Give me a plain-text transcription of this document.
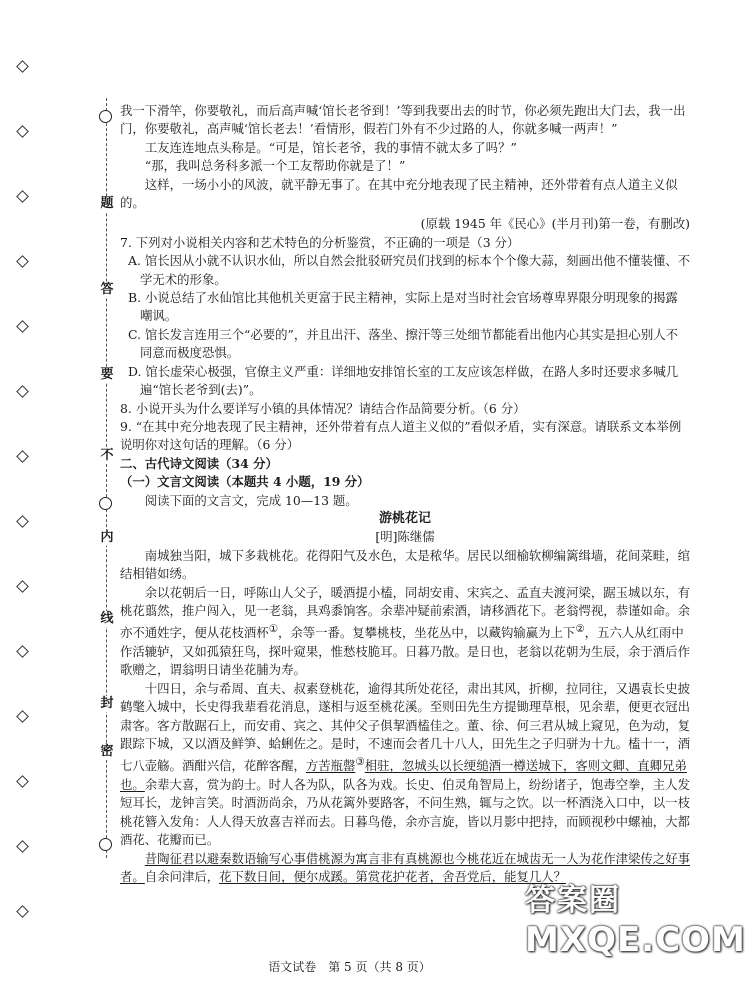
题
答
要
不
内
线
封
密

我一下滑竿，你要敬礼，而后高声喊‘馆长老爷到！’等到我要出去的时节，你必须先跑出大门去，我一出门，你要敬礼，高声喊‘馆长老去！’看情形，假若门外有不少过路的人，你就多喊一两声！”

工友连连地点头称是。“可是，馆长老爷，我的事情不就太多了吗？”

“那，我叫总务科多派一个工友帮助你就是了！”

这样，一场小小的风波，就平静无事了。在其中充分地表现了民主精神，还外带着有点人道主义似的。

(原载 1945 年《民心》(半月刊)第一卷，有删改)

7. 下列对小说相关内容和艺术特色的分析鉴赏，不正确的一项是（3 分）

A. 馆长因从小就不认识水仙，所以自然会批驳研究员们找到的标本个个像大蒜，刻画出他不懂装懂、不学无术的形象。

B. 小说总结了水仙馆比其他机关更富于民主精神，实际上是对当时社会官场尊卑界限分明现象的揭露嘲讽。

C. 馆长发言连用三个“必要的”，并且出汗、落坐、擦汗等三处细节都能看出他内心其实是担心别人不同意而极度恐惧。

D. 馆长虚荣心极强，官僚主义严重：详细地安排馆长室的工友应该怎样做，在路人多时还要求多喊几遍“馆长老爷到(去)”。

8. 小说开头为什么要详写小镇的具体情况？请结合作品简要分析。（6 分）

9. “在其中充分地表现了民主精神，还外带着有点人道主义似的”看似矛盾，实有深意。请联系文本举例说明你对这句话的理解。（6 分）

二、古代诗文阅读（34 分）

（一）文言文阅读（本题共 4 小题，19 分）

阅读下面的文言文，完成 10—13 题。

游桃花记

[明]陈继儒

南城独当阳，城下多栽桃花。花得阳气及水色，太是秾华。居民以细榆软柳编篱缉墙，花间菜畦，绾结相错如绣。

余以花朝后一日，呼陈山人父子，暖酒提小榼，同胡安甫、宋宾之、孟直夫渡河梁，踞玉城以东，有桃花翦然，推户闯入，见一老翁，具鸡黍饷客。余辈冲疑前索酒，请移酒花下。老翁愕视，恭谨如命。余亦不通姓字，便从花枝酒杯①，余等一番。复攀桃枝，坐花丛中，以藏钩输赢为上下②，五六人从红雨中作活辘轳，又如孤猿狂鸟，探叶窥果，惟愁枝脆耳。日暮乃散。是日也，老翁以花朝为生辰，余于酒后作歌赠之，谓翁明日请坐花脯为寿。

十四日，余与希周、直夫、叔素登桃花，逾得其所处花径，肃出其风，折柳，拉同往，又遇袁长史披鹤氅入城中，长史得我辈看花消息，遂相与返至桃花溪。至则田先生方提锄理草根，见余辈，便更衣冠出肃客。客方散踞石上，而安甫、宾之、其仲父子俱挈酒榼佳之。董、徐、何三君从城上窥见，色为动，复跟踪下城，又以酒及鲜笋、蛤蜊佐之。是时，不速而会者几十八人，田先生之子归骈为十九。榼十一，酒七八壶觞。酒酣兴信，花醉客醒，方苦瓶罄③相驻，忽城头以长绠缒酒一樽送城下，客则文卿、直卿兄弟也。余辈大喜，赏为韵士。时人各为队，队各为戏。长史、伯灵角智局上，纷纷诸子，饱毒空拳，主人发短耳长，龙钟言笑。时酒沥尚余，乃从花篱外要路客，不问生熟，辄与之饮。以一杯酒浇入口中，以一枝桃花簪入发角：人人得天放喜吉祥而去。日暮鸟倦，余亦言旋，皆以月影中把持，而顾视秒中螺袖，大都酒花、花瓣而已。

昔陶征君以避秦数语输写心事借桃源为寓言非有真桃源也今桃花近在城齿无一人为花作津梁传之好事者。自余问津后，花下数日间，便尔成蹊。第赏花护花者，舍吾党后，能复几人？

语文试卷　第 5 页（共 8 页）
答案圈
MXQE.COM
